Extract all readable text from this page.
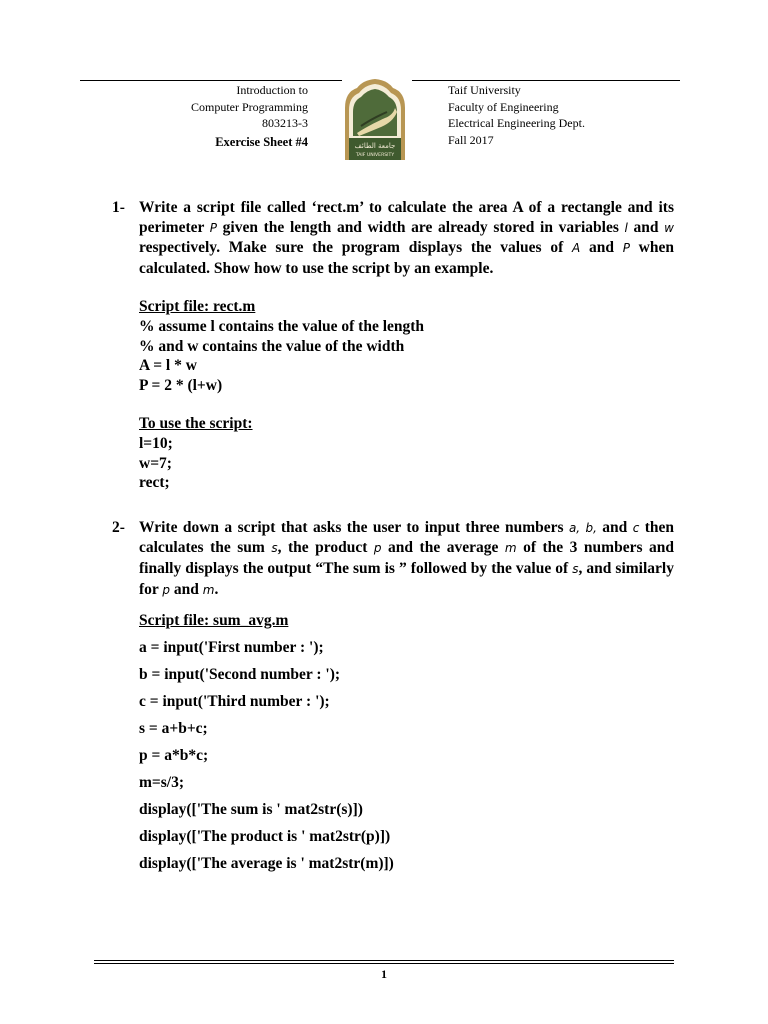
Introduction to
Computer Programming
803213-3
Exercise Sheet #4	جامعة الطائف
TAIF UNIVERSITY
Taif University
Faculty of Engineering
Electrical Engineering Dept.
Fall 2017
1- Write a script file called ‘rect.m’ to calculate the area A of a rectangle and its perimeter P given the length and width are already stored in variables l and w respectively. Make sure the program displays the values of A and P when calculated. Show how to use the script by an example.

Script file: rect.m
% assume l contains the value of the length
% and w contains the value of the width
A = l * w
P = 2 * (l+w)
To use the script:
l=10;
w=7;
rect;
2- Write down a script that asks the user to input three numbers a, b, and c then calculates the sum s, the product p and the average m of the 3 numbers and finally displays the output “The sum is ” followed by the value of s, and similarly for p and m.

Script file: sum_avg.m
a = input('First number : ');
b = input('Second number : ');
c = input('Third number : ');
s = a+b+c;
p = a*b*c;
m=s/3;
display(['The sum is ' mat2str(s)])
display(['The product is ' mat2str(p)])
display(['The average is ' mat2str(m)])
1
